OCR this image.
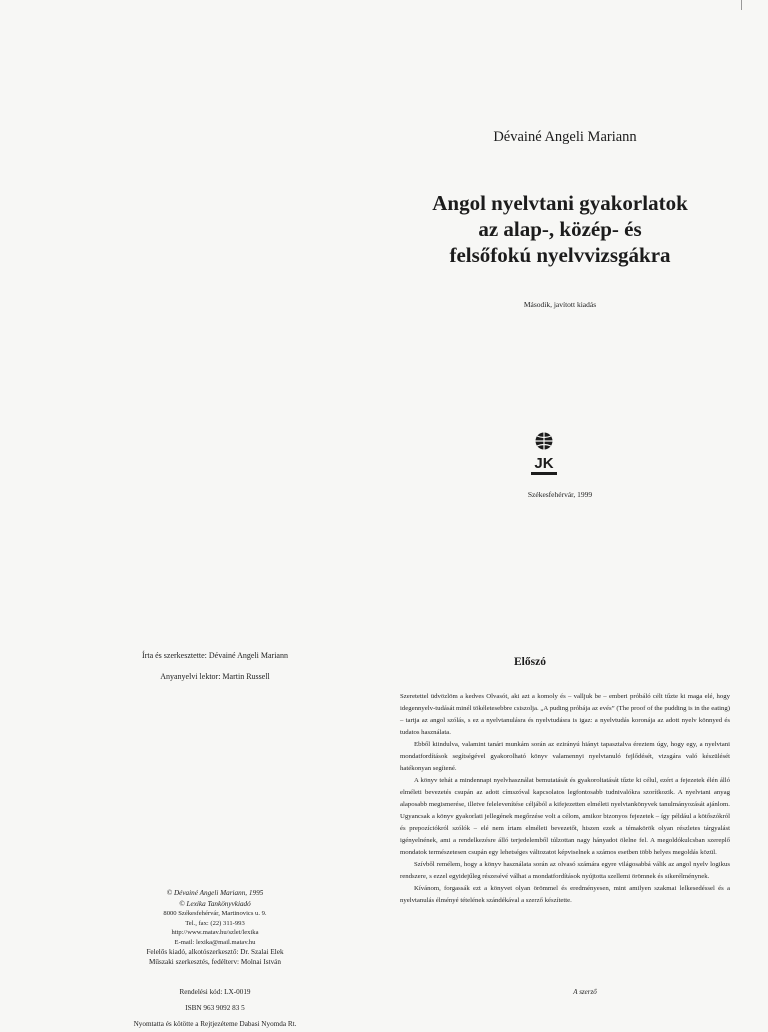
Dévainé Angeli Mariann
Angol nyelvtani gyakorlatok
az alap-, közép- és
felsőfokú nyelvvizsgákra
Második, javított kiadás
JK
Székesfehérvár, 1999
Írta és szerkesztette: Dévainé Angeli Mariann
Anyanyelvi lektor: Martin Russell
© Dévainé Angeli Mariann, 1995
© Lexika Tankönyvkiadó
8000 Székesfehérvár, Martinovics u. 9.
Tel., fax: (22) 311-993
http://www.matav.hu/szlet/lexika
E-mail: lexika@mail.matav.hu
Felelős kiadó, alkotószerkesztő: Dr. Szalai Elek
Műszaki szerkesztés, fedélterv: Molnai István
Rendelési kód: LX-0019
ISBN 963 9092 83 5
Nyomtatta és kötötte a Rejtjezéteme Dabasi Nyomda Rt.
Előszó

Szeretettel üdvözlöm a kedves Olvasót, aki azt a komoly és – valljuk be – emberi próbáló célt tűzte ki maga elé, hogy idegennyelv-tudását minél tökéletesebbre csiszolja. „A puding próbája az evés” (The proof of the pudding is in the eating) – tartja az angol szólás, s ez a nyelvtanulásra és nyelvtudásra is igaz: a nyelvtudás koronája az adott nyelv könnyed és tudatos használata.

Ebből kiindulva, valamint tanári munkám során az ezirányú hiányt tapasztalva éreztem úgy, hogy egy, a nyelvtani mondatfordítások segítségével gyakorolható könyv valamennyi nyelvtanuló fejlődését, vizsgára való készülését hatékonyan segítené.

A könyv tehát a mindennapi nyelvhasználat bemutatását és gyakoroltatását tűzte ki célul, ezért a fejezetek élén álló elméleti bevezetés csupán az adott címszóval kapcsolatos legfontosabb tudnivalókra szorítkozik. A nyelvtani anyag alaposabb megismerése, illetve felelevenítése céljából a kifejezetten elméleti nyelvtankönyvek tanulmányozását ajánlom. Ugyancsak a könyv gyakorlati jellegének megőrzése volt a célom, amikor bizonyos fejezetek – így például a kötőszókról és prepozíciókról szólók – elé nem írtam elméleti bevezetőt, hiszen ezek a témakörök olyan részletes tárgyalást igényelnének, ami a rendelkezésre álló terjedelemből túlzottan nagy hányadot ölelne fel. A megoldókulcsban szereplő mondatok természetesen csupán egy lehetséges változatot képviselnek a számos esetben több helyes megoldás közül.

Szívből remélem, hogy a könyv használata során az olvasó számára egyre világosabbá válik az angol nyelv logikus rendszere, s ezzel egyidejűleg részesévé válhat a mondatfordítások nyújtotta szellemi örömnek és sikerélménynek.

Kívánom, forgassák ezt a könyvet olyan örömmel és eredményesen, mint amilyen szakmai lelkesedéssel és a nyelvtanulás élményé tételének szándékával a szerző készítette.

A szerző
